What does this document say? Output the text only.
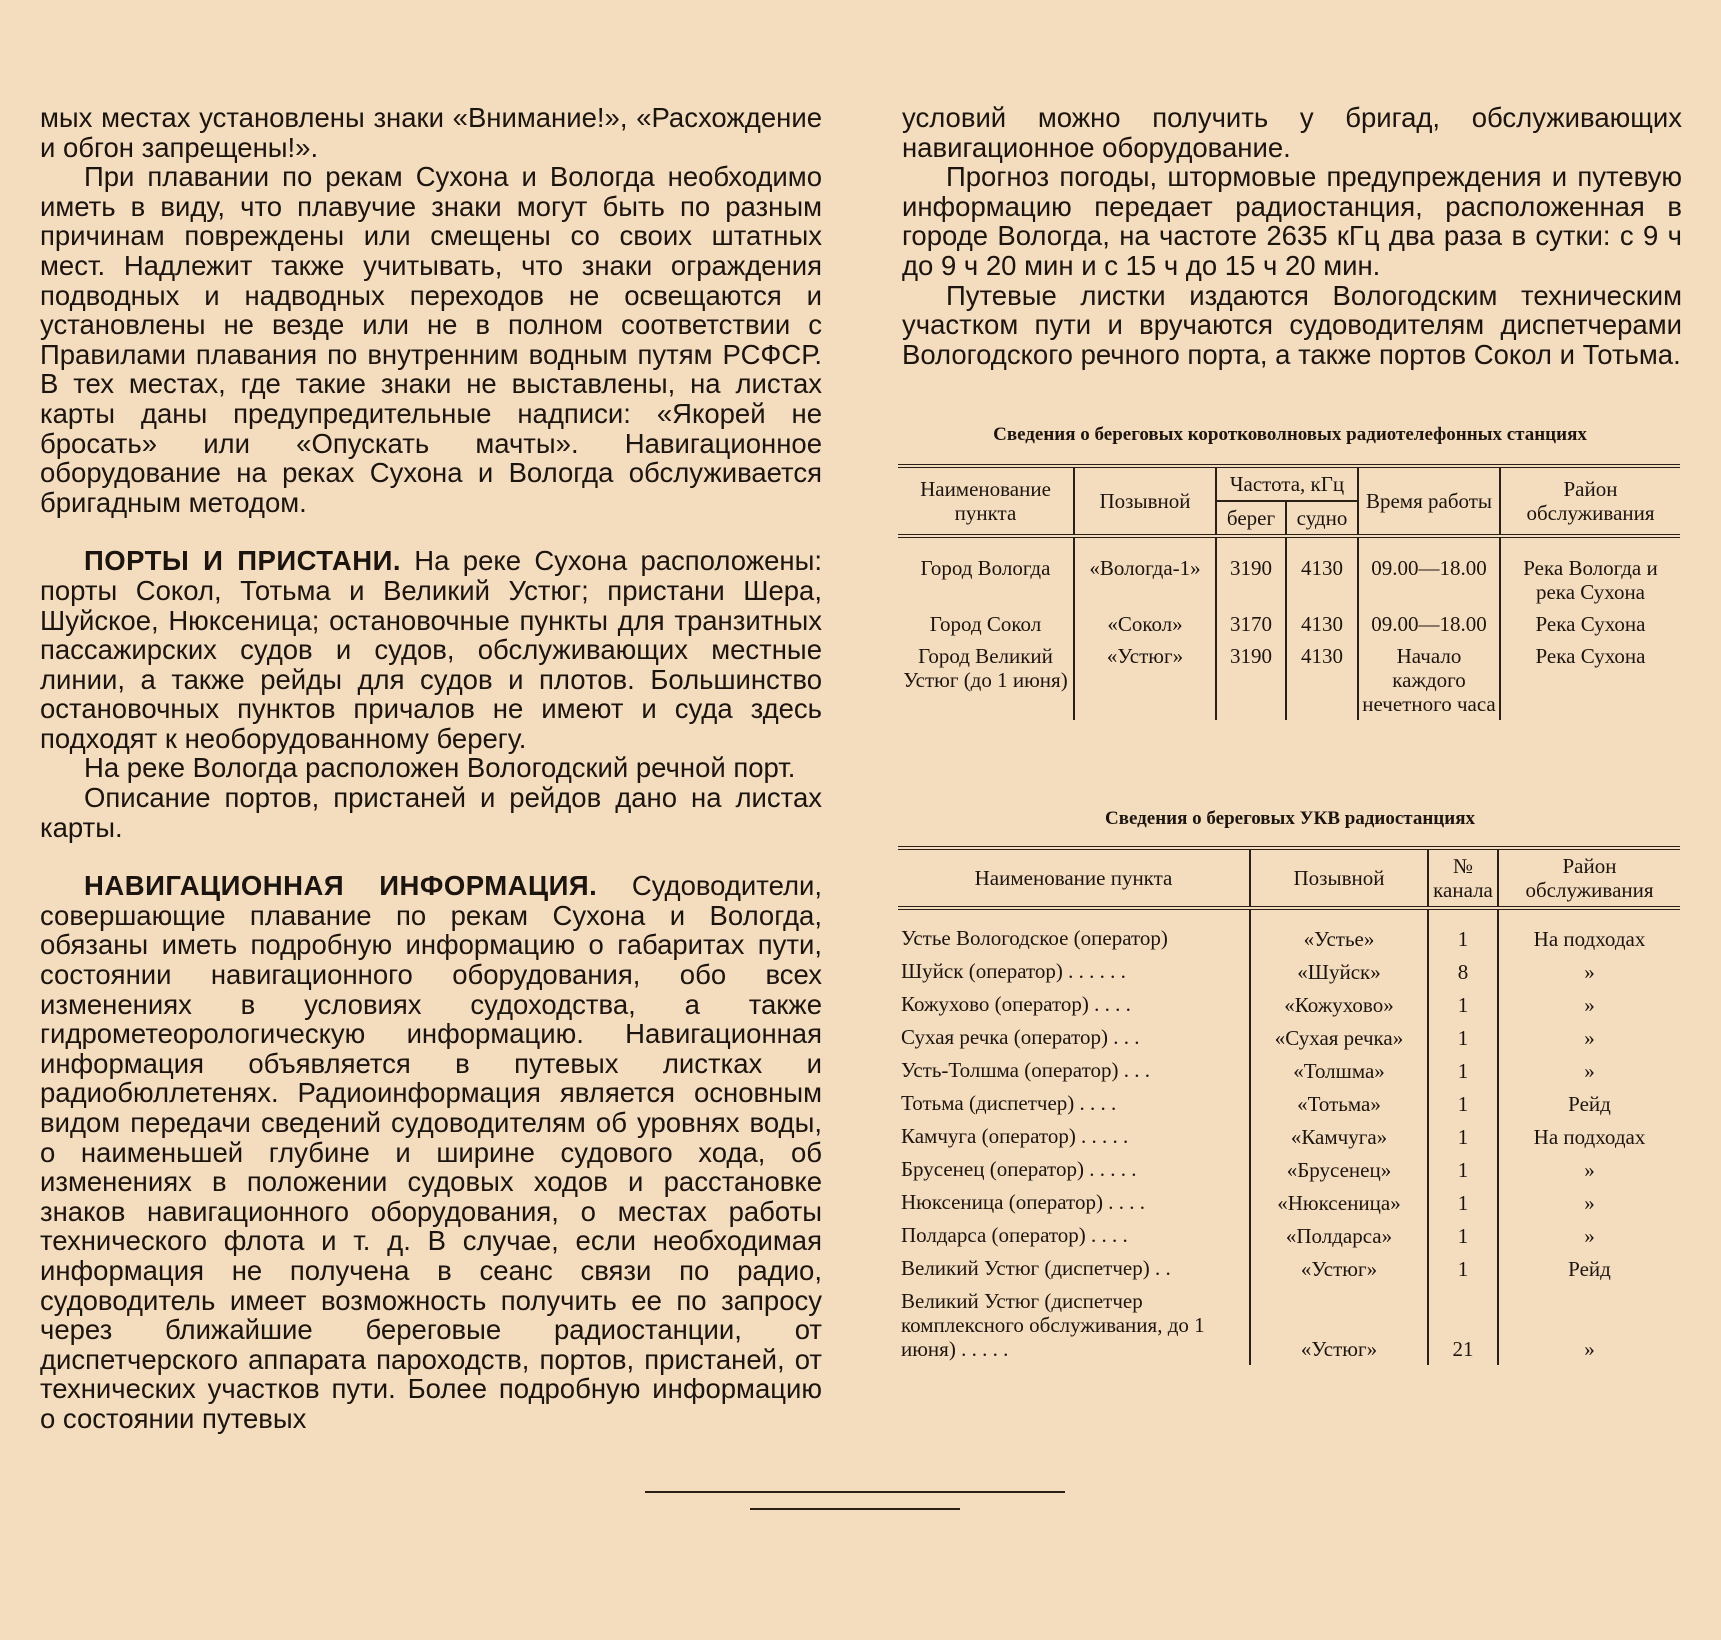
мых местах установлены знаки «Внимание!», «Расхождение и обгон запрещены!».

При плавании по рекам Сухона и Вологда необходимо иметь в виду, что плавучие знаки могут быть по разным причинам повреждены или смещены со своих штатных мест. Надлежит также учитывать, что знаки ограждения подводных и надводных переходов не освещаются и установлены не везде или не в полном соответствии с Правилами плавания по внутренним водным путям РСФСР. В тех местах, где такие знаки не выставлены, на листах карты даны предупредительные надписи: «Якорей не бросать» или «Опускать мачты». Навигационное оборудование на реках Сухона и Вологда обслуживается бригадным методом.

ПОРТЫ И ПРИСТАНИ. На реке Сухона расположены: порты Сокол, Тотьма и Великий Устюг; пристани Шера, Шуйское, Нюксеница; остановочные пункты для транзитных пассажирских судов и судов, обслуживающих местные линии, а также рейды для судов и плотов. Большинство остановочных пунктов причалов не имеют и суда здесь подходят к необорудованному берегу.

На реке Вологда расположен Вологодский речной порт.

Описание портов, пристаней и рейдов дано на листах карты.

НАВИГАЦИОННАЯ ИНФОРМАЦИЯ. Судоводители, совершающие плавание по рекам Сухона и Вологда, обязаны иметь подробную информацию о габаритах пути, состоянии навигационного оборудования, обо всех изменениях в условиях судоходства, а также гидрометеорологическую информацию. Навигационная информация объявляется в путевых листках и радиобюллетенях. Радиоинформация является основным видом передачи сведений судоводителям об уровнях воды, о наименьшей глубине и ширине судового хода, об изменениях в положении судовых ходов и расстановке знаков навигационного оборудования, о местах работы технического флота и т. д. В случае, если необходимая информация не получена в сеанс связи по радио, судоводитель имеет возможность получить ее по запросу через ближайшие береговые радиостанции, от диспетчерского аппарата пароходств, портов, пристаней, от технических участков пути. Более подробную информацию о состоянии путевых

условий можно получить у бригад, обслуживающих навигационное оборудование.

Прогноз погоды, штормовые предупреждения и путевую информацию передает радиостанция, расположенная в городе Вологда, на частоте 2635 кГц два раза в сутки: с 9 ч до 9 ч 20 мин и с 15 ч до 15 ч 20 мин.

Путевые листки издаются Вологодским техническим участком пути и вручаются судоводителям диспетчерами Вологодского речного порта, а также портов Сокол и Тотьма.

Сведения о береговых коротковолновых радиотелефонных станциях
Наименование пункта	Позывной	Частота, кГц		Время работы	Район обслуживания
		берег	судно		

Город Вологда	«Вологда-1»	3190	4130	09.00—18.00	Река Вологда и река Сухона
Город Сокол	«Сокол»	3170	4130	09.00—18.00	Река Сухона
Город Великий Устюг (до 1 июня)	«Устюг»	3190	4130	Начало каждого нечетного часа	Река Сухона
Сведения о береговых УКВ радиостанциях
Наименование пункта	Позывной	№ канала	Район обслуживания

Устье Вологодское (оператор)	«Устье»	1	На подходах
Шуйск (оператор) . . . . . .	«Шуйск»	8	»
Кожухово (оператор) . . . .	«Кожухово»	1	»
Сухая речка (оператор) . . .	«Сухая речка»	1	»
Усть-Толшма (оператор) . . .	«Толшма»	1	»
Тотьма (диспетчер) . . . .	«Тотьма»	1	Рейд
Камчуга (оператор) . . . . .	«Камчуга»	1	На подходах
Брусенец (оператор) . . . . .	«Брусенец»	1	»
Нюксеница (оператор) . . . .	«Нюксеница»	1	»
Полдарса (оператор) . . . .	«Полдарса»	1	»
Великий Устюг (диспетчер) . .	«Устюг»	1	Рейд
Великий Устюг (диспетчер комплексного обслуживания, до 1 июня) . . . . .	«Устюг»	21	»
